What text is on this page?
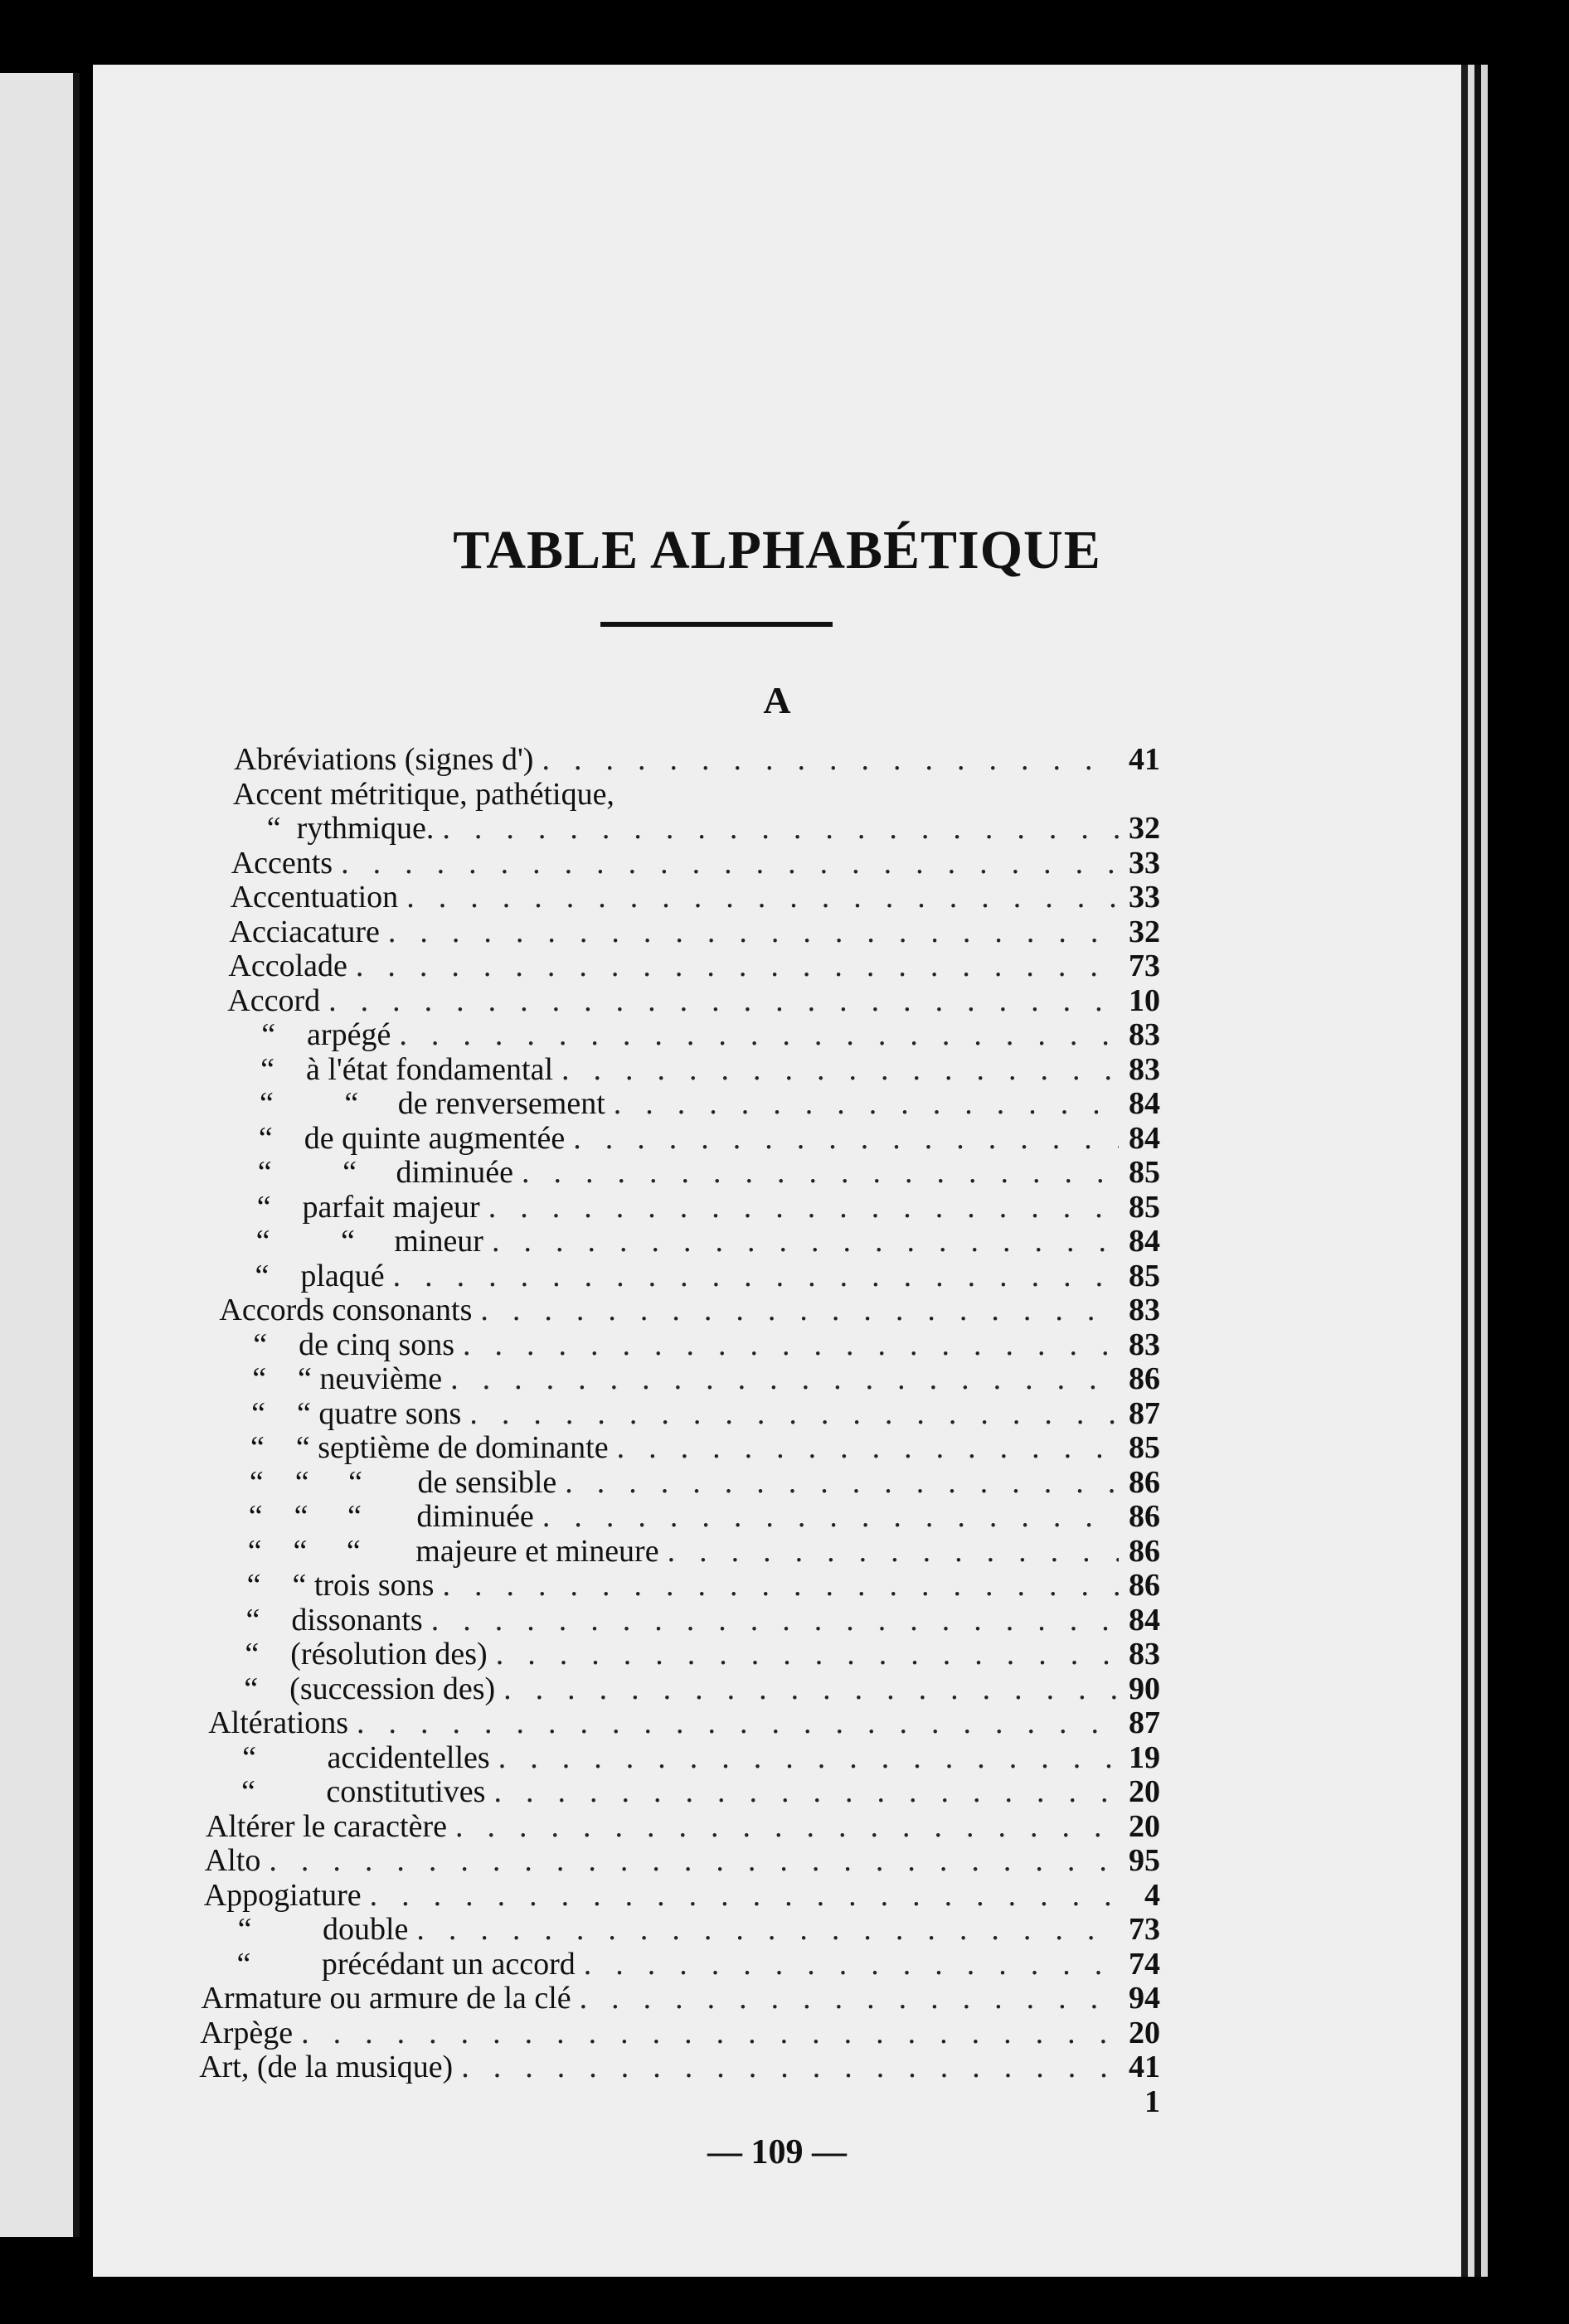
TABLE ALPHABÉTIQUE
A
Abréviations (signes d') .....	41
Accent métritique, pathétique,
“  rythmique. .....	32
Accents .....	33
Accentuation .....	33
Acciacature .....	32
Accolade .....	73
Accord .....	10
“    arpégé .....	83
“    à l'état fondamental .....	83
“         “     de renversement .....	84
“    de quinte augmentée .....	84
“         “     diminuée .....	85
“    parfait majeur .....	85
“         “     mineur .....	84
“    plaqué .....	85
Accords consonants .....	83
“    de cinq sons .....	83
“    “ neuvième .....	86
“    “ quatre sons .....	87
“    “ septième de dominante .....	85
“    “     “       de sensible .....	86
“    “     “       diminuée .....	86
“    “     “       majeure et mineure .....	86
“    “ trois sons .....	86
“    dissonants .....	84
“    (résolution des) .....	83
“    (succession des) .....	90
Altérations .....	87
“         accidentelles .....	19
“         constitutives .....	20
Altérer le caractère .....	20
Alto .....	95
Appogiature .....	4
“         double .....	73
“         précédant un accord .....	74
Armature ou armure de la clé .....	94
Arpège .....	20
Art, (de la musique) .....	41
1
— 109 —
